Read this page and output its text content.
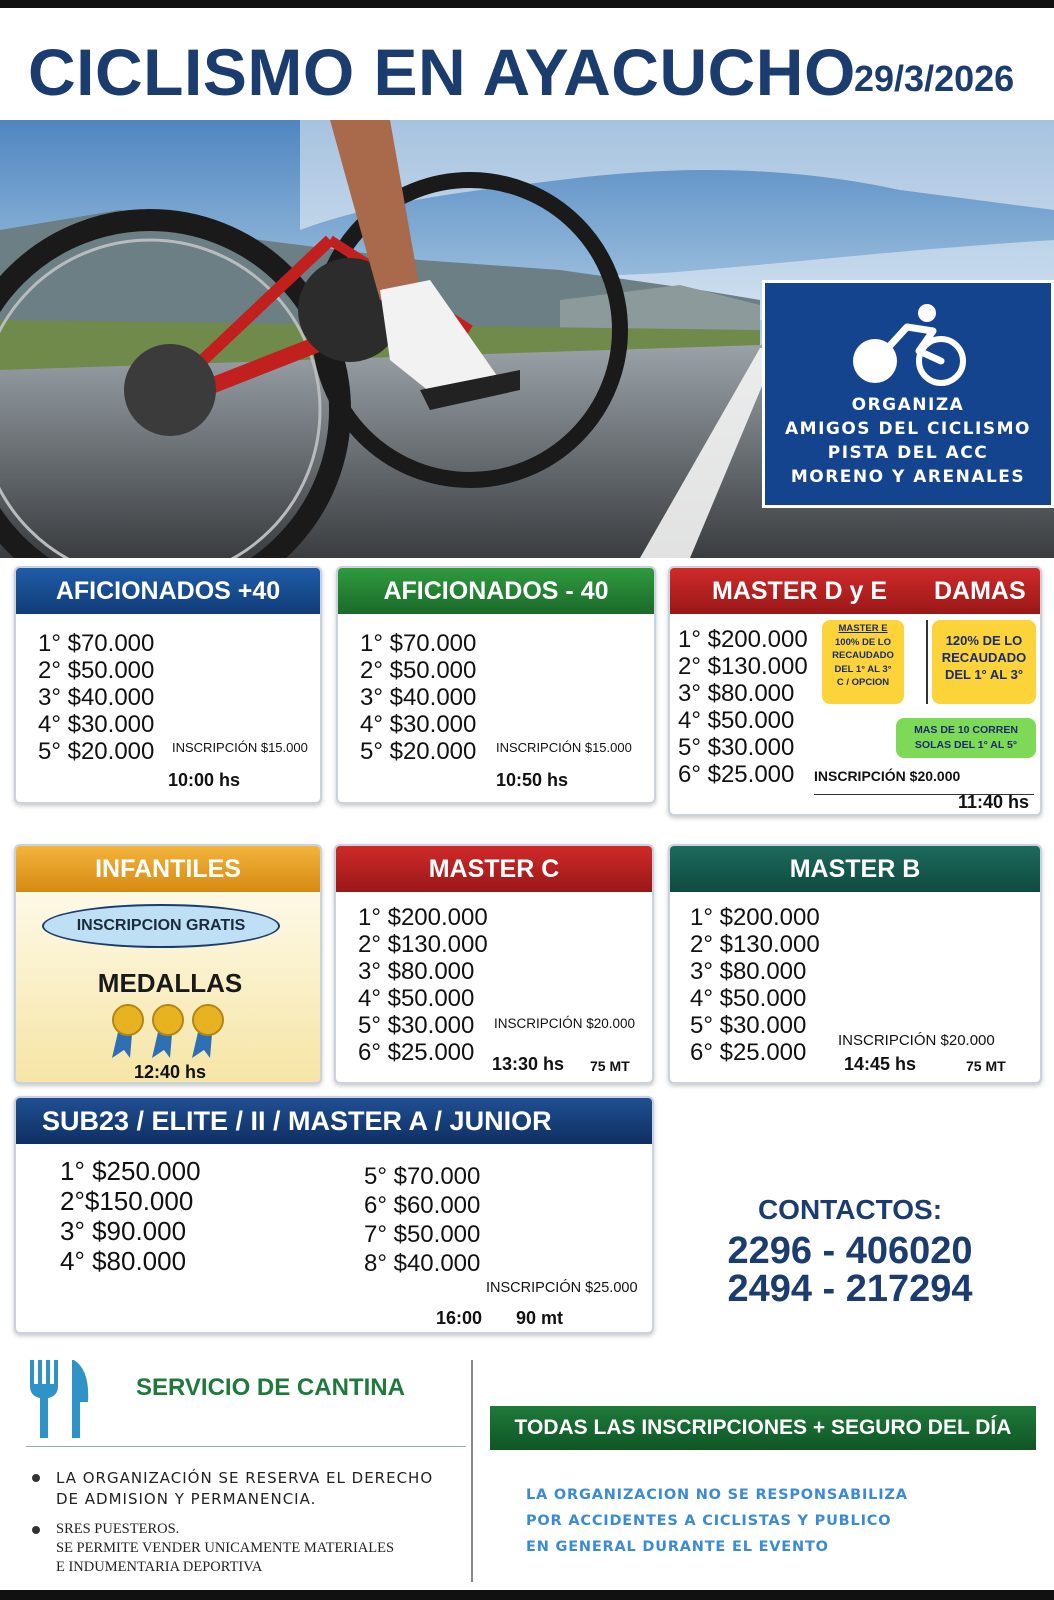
CICLISMO EN AYACUCHO
29/3/2026
ORGANIZA
AMIGOS DEL CICLISMO
PISTA DEL ACC
MORENO Y ARENALES
AFICIONADOS +40
1° $70.000
2° $50.000
3° $40.000
4° $30.000
5° $20.000 INSCRIPCIÓN $15.000
10:00 hs
AFICIONADOS - 40
1° $70.000
2° $50.000
3° $40.000
4° $30.000
5° $20.000 INSCRIPCIÓN $15.000
10:50 hs
MASTER D y E DAMAS
1° $200.000
2° $130.000
3° $80.000
4° $50.000
5° $30.000
6° $25.000
MASTER E
100% DE LO
RECAUDADO
DEL 1° AL 3°
C / OPCION
120% DE LO
RECAUDADO
DEL 1° AL 3°
MAS DE 10 CORREN
SOLAS DEL 1° AL 5°
INSCRIPCIÓN $20.000
11:40 hs
INFANTILES
INSCRIPCION GRATIS
MEDALLAS
12:40 hs
MASTER C
1° $200.000
2° $130.000
3° $80.000
4° $50.000
5° $30.000
6° $25.000
INSCRIPCIÓN $20.000
13:30 hs 75 MT
MASTER B
1° $200.000
2° $130.000
3° $80.000
4° $50.000
5° $30.000
6° $25.000	INSCRIPCIÓN $20.000
14:45 hs	75 MT
SUB23 / ELITE / II / MASTER A / JUNIOR
1° $250.000
2°$150.000
3° $90.000
4° $80.000
5° $70.000
6° $60.000
7° $50.000
8° $40.000
INSCRIPCIÓN $25.000
16:00 90 mt
CONTACTOS:
2296 - 406020
2494 - 217294
SERVICIO DE CANTINA
LA ORGANIZACIÓN SE RESERVA EL DERECHO
DE ADMISION Y PERMANENCIA.
SRES PUESTEROS.
SE PERMITE VENDER UNICAMENTE MATERIALES
E INDUMENTARIA DEPORTIVA
TODAS LAS INSCRIPCIONES + SEGURO DEL DÍA
LA ORGANIZACION NO SE RESPONSABILIZA
POR ACCIDENTES A CICLISTAS Y PUBLICO
EN GENERAL DURANTE EL EVENTO
